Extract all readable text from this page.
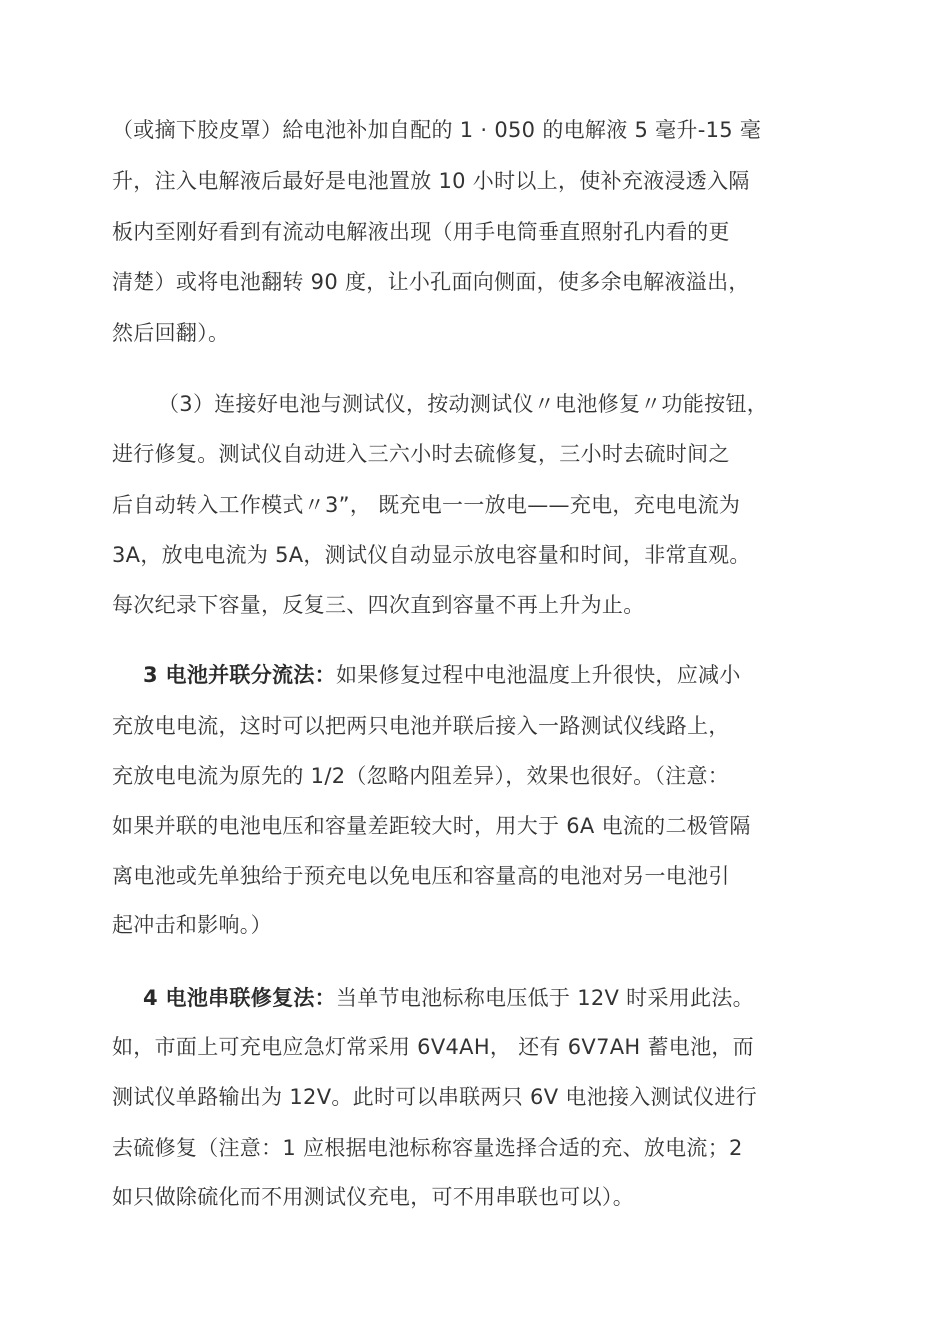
（或摘下胶皮罩）給电池补加自配的 1 · 050 的电解液 5 毫升-15 毫
升，注入电解液后最好是电池置放 10 小时以上，使补充液浸透入隔
板内至刚好看到有流动电解液出现（用手电筒垂直照射孔内看的更
清楚）或将电池翻转 90 度，让小孔面向侧面，使多余电解液溢出，
然后回翻）。
（3）连接好电池与测试仪，按动测试仪〃电池修复〃功能按钮，
进行修复。测试仪自动进入三六小时去硫修复，三小时去硫时间之
后自动转入工作模式〃3”， 既充电一一放电——充电，充电电流为
3A，放电电流为 5A，测试仪自动显示放电容量和时间，非常直观。
每次纪录下容量，反复三、四次直到容量不再上升为止。
3 电池并联分流法：如果修复过程中电池温度上升很快，应减小
充放电电流，这时可以把两只电池并联后接入一路测试仪线路上，
充放电电流为原先的 1/2（忽略内阻差异），效果也很好。（注意：
如果并联的电池电压和容量差距较大时，用大于 6A 电流的二极管隔
离电池或先单独给于预充电以免电压和容量高的电池对另一电池引
起冲击和影响。）
4 电池串联修复法：当单节电池标称电压低于 12V 时采用此法。
如，市面上可充电应急灯常采用 6V4AH， 还有 6V7AH 蓄电池，而
测试仪单路输出为 12V。此时可以串联两只 6V 电池接入测试仪进行
去硫修复（注意：1 应根据电池标称容量选择合适的充、放电流；2
如只做除硫化而不用测试仪充电，可不用串联也可以）。
